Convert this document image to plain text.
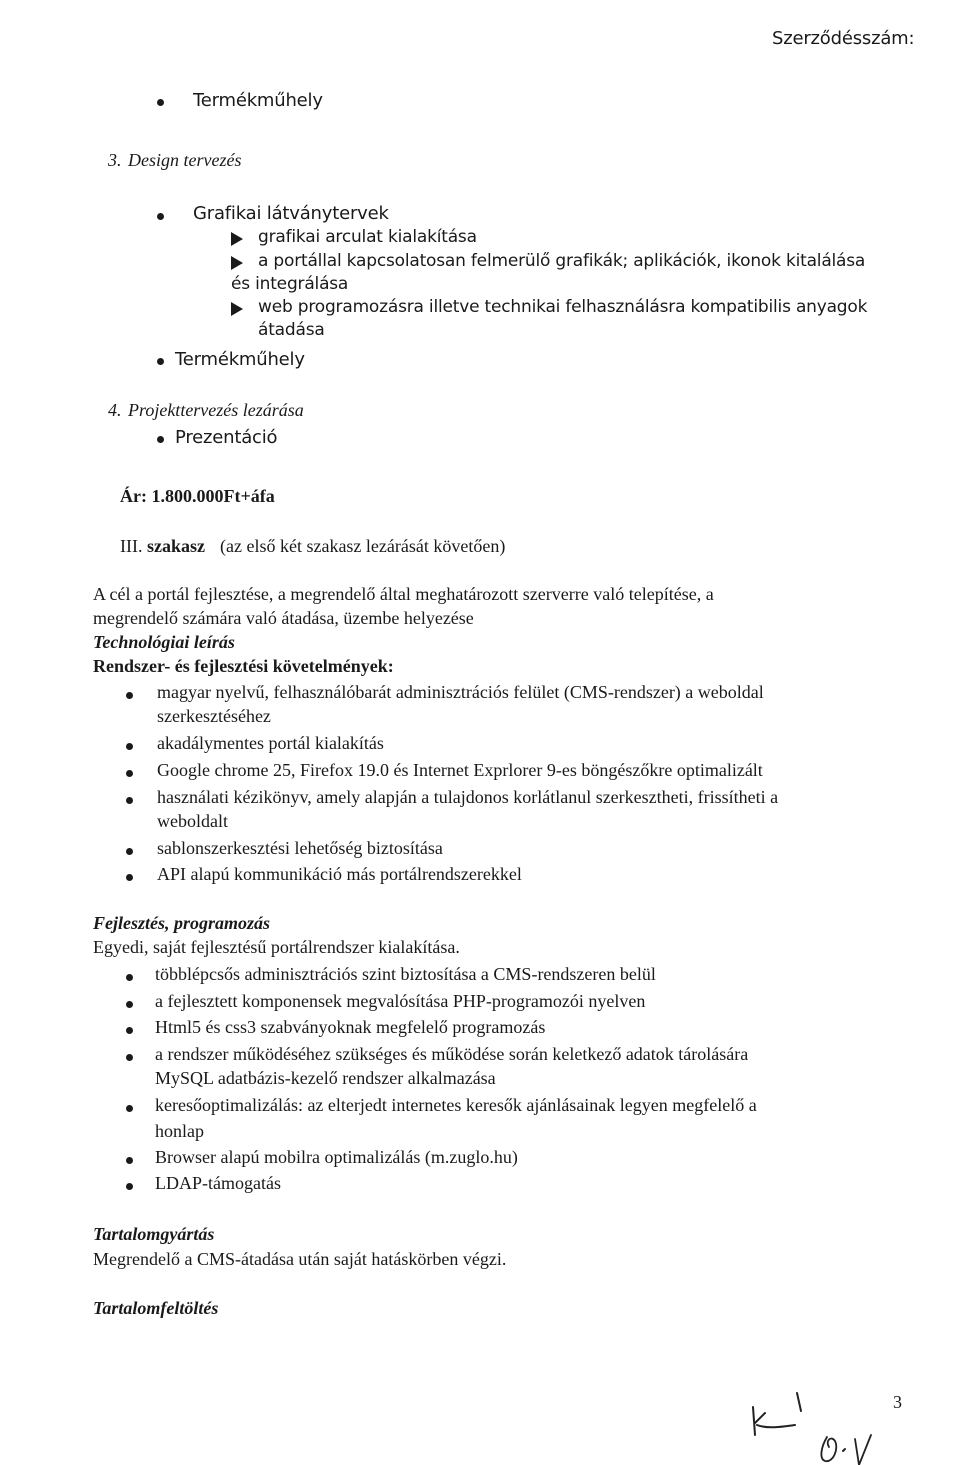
Szerződésszám:
Termékműhely
3. Design tervezés
Grafikai látványtervek
grafikai arculat kialakítása
a portállal kapcsolatosan felmerülő grafikák; aplikációk, ikonok kitalálása
és integrálása
web programozásra illetve technikai felhasználásra kompatibilis anyagok
átadása
Termékműhely
4. Projekttervezés lezárása
Prezentáció
Ár: 1.800.000Ft+áfa
III. szakasz (az első két szakasz lezárását követően)
A cél a portál fejlesztése, a megrendelő által meghatározott szerverre való telepítése, a
megrendelő számára való átadása, üzembe helyezése
Technológiai leírás
Rendszer- és fejlesztési követelmények:
magyar nyelvű, felhasználóbarát adminisztrációs felület (CMS-rendszer) a weboldal
szerkesztéséhez
akadálymentes portál kialakítás
Google chrome 25, Firefox 19.0 és Internet Exprlorer 9-es böngészőkre optimalizált
használati kézikönyv, amely alapján a tulajdonos korlátlanul szerkesztheti, frissítheti a
weboldalt
sablonszerkesztési lehetőség biztosítása
API alapú kommunikáció más portálrendszerekkel
Fejlesztés, programozás
Egyedi, saját fejlesztésű portálrendszer kialakítása.
többlépcsős adminisztrációs szint biztosítása a CMS-rendszeren belül
a fejlesztett komponensek megvalósítása PHP-programozói nyelven
Html5 és css3 szabványoknak megfelelő programozás
a rendszer működéséhez szükséges és működése során keletkező adatok tárolására
MySQL adatbázis-kezelő rendszer alkalmazása
keresőoptimalizálás: az elterjedt internetes keresők ajánlásainak legyen megfelelő a
honlap
Browser alapú mobilra optimalizálás (m.zuglo.hu)
LDAP-támogatás
Tartalomgyártás
Megrendelő a CMS-átadása után saját hatáskörben végzi.
Tartalomfeltöltés
3
